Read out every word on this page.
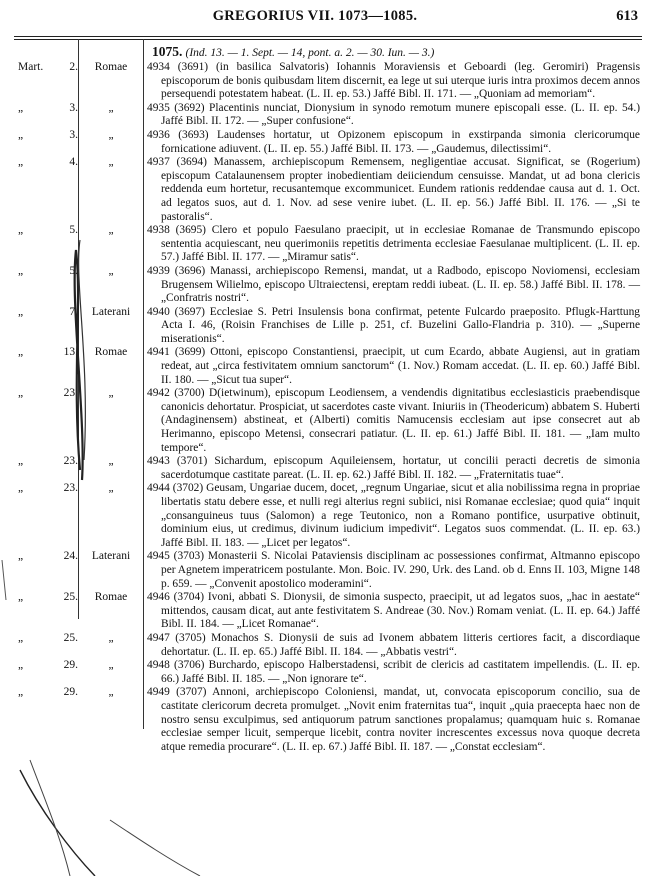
GREGORIUS VII. 1073—1085.	613
1075. (Ind. 13. — 1. Sept. — 14, pont. a. 2. — 30. Iun. — 3.)
Mart.	2.	Romae	4934 (3691) (in basilica Salvatoris) Iohannis Moraviensis et Geboardi (leg. Geromiri) Pragensis episcoporum de bonis quibusdam litem discernit, ea lege ut sui uterque iuris intra proximos decem annos persequendi potestatem habeat. (L. II. ep. 53.) Jaffé Bibl. II. 171. — „Quoniam ad memoriam“.
„	3.	„	4935 (3692) Placentinis nunciat, Dionysium in synodo remotum munere episcopali esse. (L. II. ep. 54.) Jaffé Bibl. II. 172. — „Super confusione“.
„	3.	„	4936 (3693) Laudenses hortatur, ut Opizonem episcopum in exstirpanda simonia clericorumque fornicatione adiuvent. (L. II. ep. 55.) Jaffé Bibl. II. 173. — „Gaudemus, dilectissimi“.
„	4.	„	4937 (3694) Manassem, archiepiscopum Remensem, negligentiae accusat. Significat, se (Rogerium) episcopum Catalaunensem propter inobedientiam deiiciendum censuisse. Mandat, ut ad bona clericis reddenda eum hortetur, recusantemque excommunicet. Eundem rationis reddendae causa aut d. 1. Oct. ad legatos suos, aut d. 1. Nov. ad sese venire iubet. (L. II. ep. 56.) Jaffé Bibl. II. 176. — „Si te pastoralis“.
„	5.	„	4938 (3695) Clero et populo Faesulano praecipit, ut in ecclesiae Romanae de Transmundo episcopo sententia acquiescant, neu querimoniis repetitis detrimenta ecclesiae Faesulanae multiplicent. (L. II. ep. 57.) Jaffé Bibl. II. 177. — „Miramur satis“.
„	5.	„	4939 (3696) Manassi, archiepiscopo Remensi, mandat, ut a Radbodo, episcopo Noviomensi, ecclesiam Brugensem Wilielmo, episcopo Ultraiectensi, ereptam reddi iubeat. (L. II. ep. 58.) Jaffé Bibl. II. 178. — „Confratris nostri“.
„	7.	Laterani	4940 (3697) Ecclesiae S. Petri Insulensis bona confirmat, petente Fulcardo praeposito. Pflugk-Harttung Acta I. 46, (Roisin Franchises de Lille p. 251, cf. Buzelini Gallo-Flandria p. 310). — „Superne miserationis“.
„	13.	Romae	4941 (3699) Ottoni, episcopo Constantiensi, praecipit, ut cum Ecardo, abbate Augiensi, aut in gratiam redeat, aut „circa festivitatem omnium sanctorum“ (1. Nov.) Romam accedat. (L. II. ep. 60.) Jaffé Bibl. II. 180. — „Sicut tua super“.
„	23.	„	4942 (3700) D(ietwinum), episcopum Leodiensem, a vendendis dignitatibus ecclesiasticis praebendisque canonicis dehortatur. Prospiciat, ut sacerdotes caste vivant. Iniuriis in (Theodericum) abbatem S. Huberti (Andaginensem) abstineat, et (Alberti) comitis Namucensis ecclesiam aut ipse consecret aut ab Herimanno, episcopo Metensi, consecrari patiatur. (L. II. ep. 61.) Jaffé Bibl. II. 181. — „Iam multo tempore“.
„	23.	„	4943 (3701) Sichardum, episcopum Aquileiensem, hortatur, ut concilii peracti decretis de simonia sacerdotumque castitate pareat. (L. II. ep. 62.) Jaffé Bibl. II. 182. — „Fraternitatis tuae“.
„	23.	„	4944 (3702) Geusam, Ungariae ducem, docet, „regnum Ungariae, sicut et alia nobilissima regna in propriae libertatis statu debere esse, et nulli regi alterius regni subiici, nisi Romanae ecclesiae; quod quia“ inquit „consanguineus tuus (Salomon) a rege Teutonico, non a Romano pontifice, usurpative obtinuit, dominium eius, ut credimus, divinum iudicium impedivit“. Legatos suos commendat. (L. II. ep. 63.) Jaffé Bibl. II. 183. — „Licet per legatos“.
„	24.	Laterani	4945 (3703) Monasterii S. Nicolai Pataviensis disciplinam ac possessiones confirmat, Altmanno episcopo per Agnetem imperatricem postulante. Mon. Boic. IV. 290, Urk. des Land. ob d. Enns II. 103, Migne 148 p. 659. — „Convenit apostolico moderamini“.
„	25.	Romae	4946 (3704) Ivoni, abbati S. Dionysii, de simonia suspecto, praecipit, ut ad legatos suos, „hac in aestate“ mittendos, causam dicat, aut ante festivitatem S. Andreae (30. Nov.) Romam veniat. (L. II. ep. 64.) Jaffé Bibl. II. 184. — „Licet Romanae“.
„	25.	„	4947 (3705) Monachos S. Dionysii de suis ad Ivonem abbatem litteris certiores facit, a discordiaque dehortatur. (L. II. ep. 65.) Jaffé Bibl. II. 184. — „Abbatis vestri“.
„	29.	„	4948 (3706) Burchardo, episcopo Halberstadensi, scribit de clericis ad castitatem impellendis. (L. II. ep. 66.) Jaffé Bibl. II. 185. — „Non ignorare te“.
„	29.	„	4949 (3707) Annoni, archiepiscopo Coloniensi, mandat, ut, convocata episcoporum concilio, sua de castitate clericorum decreta promulget. „Novit enim fraternitas tua“, inquit „quia praecepta haec non de nostro sensu exculpimus, sed antiquorum patrum sanctiones propalamus; quamquam huic s. Romanae ecclesiae semper licuit, semperque licebit, contra noviter increscentes excessus nova quoque decreta atque remedia procurare“. (L. II. ep. 67.) Jaffé Bibl. II. 187. — „Constat ecclesiam“.
